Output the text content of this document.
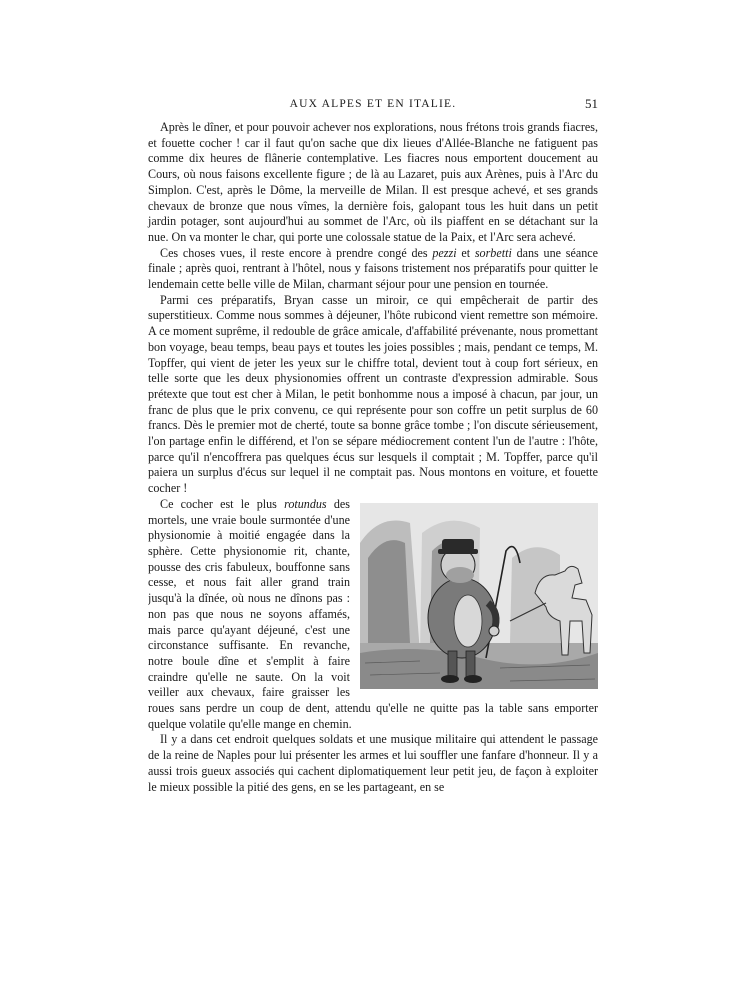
AUX ALPES ET EN ITALIE.	51

Après le dîner, et pour pouvoir achever nos explorations, nous frétons trois grands fiacres, et fouette cocher ! car il faut qu'on sache que dix lieues d'Allée-Blanche ne fatiguent pas comme dix heures de flânerie contemplative. Les fiacres nous emportent doucement au Cours, où nous faisons excellente figure ; de là au Lazaret, puis aux Arènes, puis à l'Arc du Simplon. C'est, après le Dôme, la merveille de Milan. Il est presque achevé, et ses grands chevaux de bronze que nous vîmes, la dernière fois, galopant tous les huit dans un petit jardin potager, sont aujourd'hui au sommet de l'Arc, où ils piaffent en se détachant sur la nue. On va monter le char, qui porte une colossale statue de la Paix, et l'Arc sera achevé.

Ces choses vues, il reste encore à prendre congé des pezzi et sorbetti dans une séance finale ; après quoi, rentrant à l'hôtel, nous y faisons tristement nos préparatifs pour quitter le lendemain cette belle ville de Milan, charmant séjour pour une pension en tournée.

Parmi ces préparatifs, Bryan casse un miroir, ce qui empêcherait de partir des superstitieux. Comme nous sommes à déjeuner, l'hôte rubicond vient remettre son mémoire. A ce moment suprême, il redouble de grâce amicale, d'affabilité prévenante, nous promettant bon voyage, beau temps, beau pays et toutes les joies possibles ; mais, pendant ce temps, M. Topffer, qui vient de jeter les yeux sur le chiffre total, devient tout à coup fort sérieux, en telle sorte que les deux physionomies offrent un contraste d'expression admirable. Sous prétexte que tout est cher à Milan, le petit bonhomme nous a imposé à chacun, par jour, un franc de plus que le prix convenu, ce qui représente pour son coffre un petit surplus de 60 francs. Dès le premier mot de cherté, toute sa bonne grâce tombe ; l'on discute sérieusement, l'on partage enfin le différend, et l'on se sépare médiocrement content l'un de l'autre : l'hôte, parce qu'il n'encoffrera pas quelques écus sur lesquels il comptait ; M. Topffer, parce qu'il paiera un surplus d'écus sur lequel il ne comptait pas. Nous montons en voiture, et fouette cocher !

Ce cocher est le plus rotundus des mortels, une vraie boule surmontée d'une physionomie à moitié engagée dans la sphère. Cette physionomie rit, chante, pousse des cris fabuleux, bouffonne sans cesse, et nous fait aller grand train jusqu'à la dînée, où nous ne dînons pas : non pas que nous ne soyons affamés, mais parce qu'ayant déjeuné, c'est une circonstance suffisante. En revanche, notre boule dîne et s'emplit à faire craindre qu'elle ne saute. On la voit veiller aux chevaux, faire graisser les roues sans perdre un coup de dent, attendu qu'elle ne quitte pas la table sans emporter quelque volatile qu'elle mange en chemin.

Il y a dans cet endroit quelques soldats et une musique militaire qui attendent le passage de la reine de Naples pour lui présenter les armes et lui souffler une fanfare d'honneur. Il y a aussi trois gueux associés qui cachent diplomatiquement leur petit jeu, de façon à exploiter le mieux possible la pitié des gens, en se les partageant, en se
